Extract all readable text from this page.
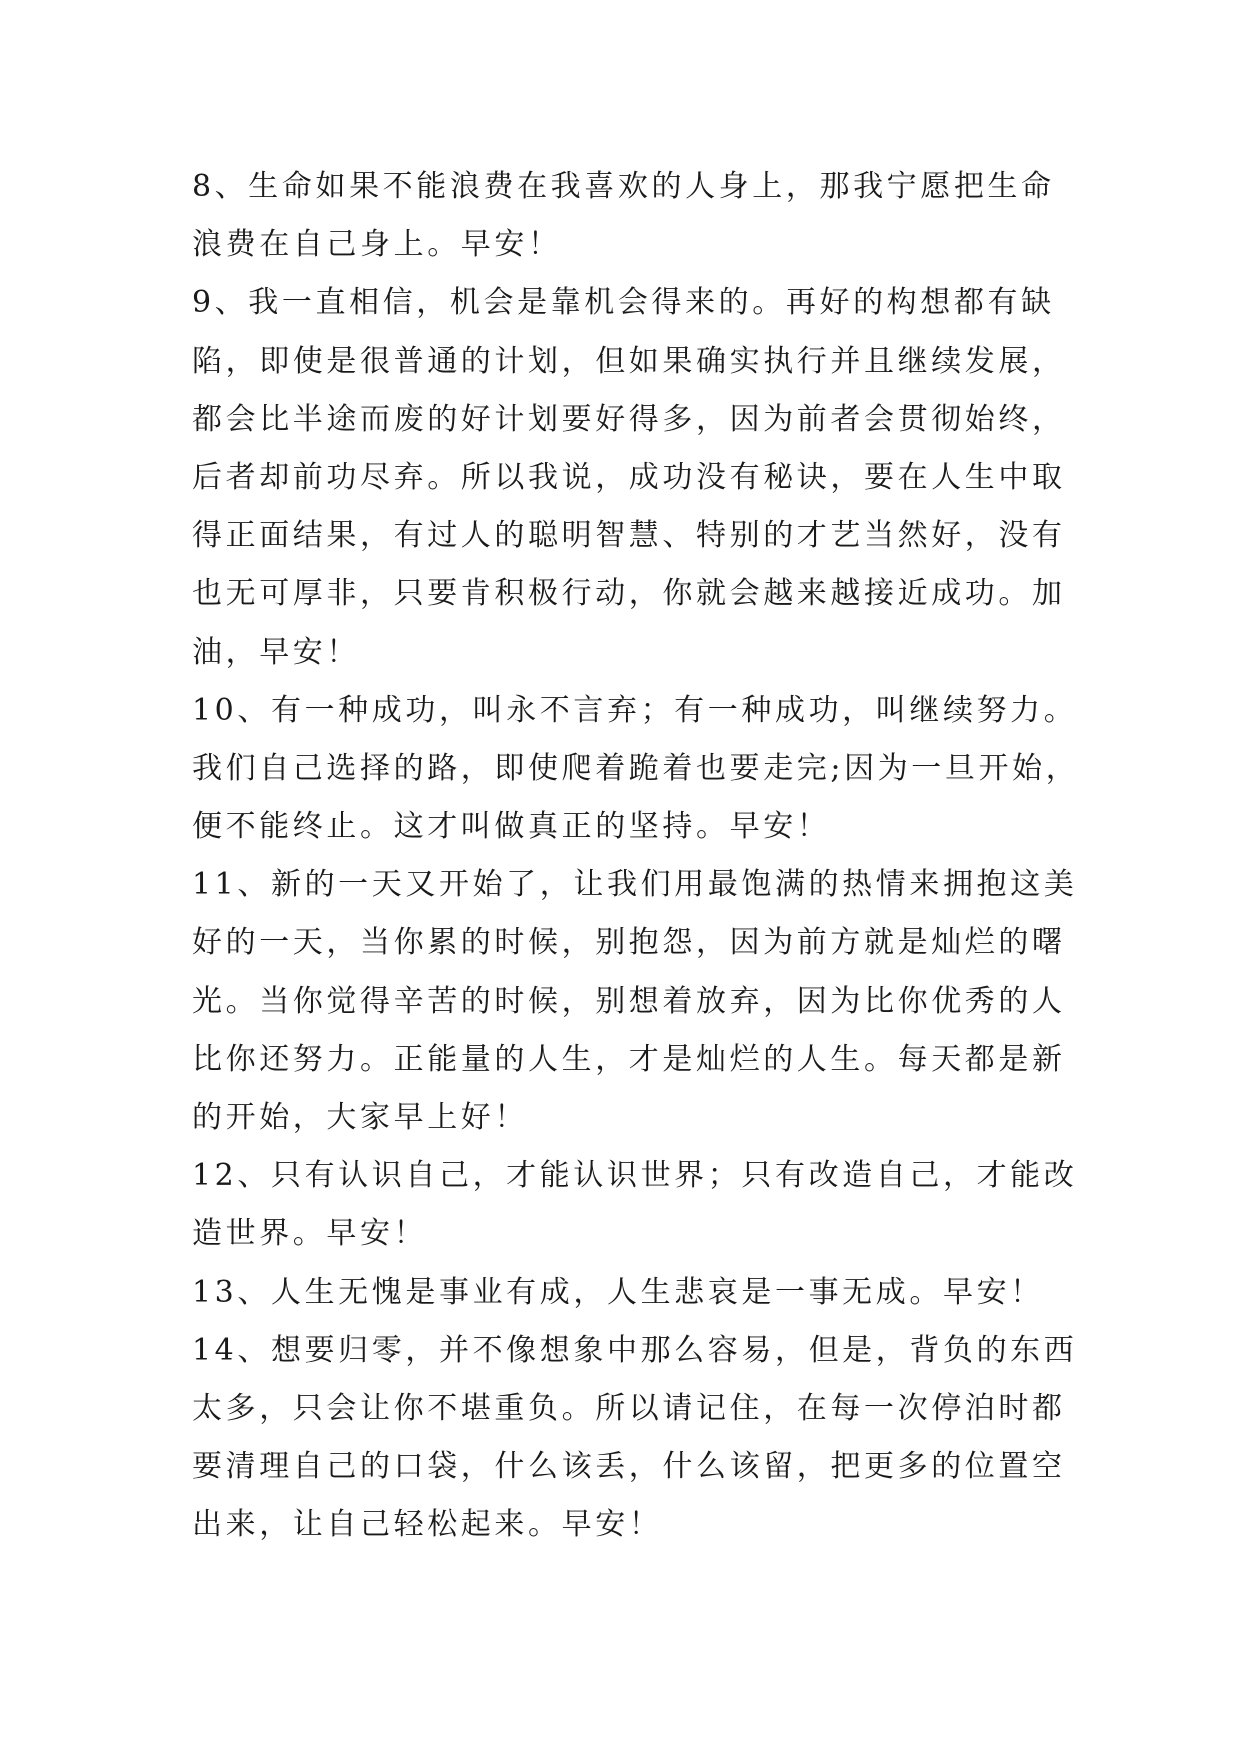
8、生命如果不能浪费在我喜欢的人身上，那我宁愿把生命
浪费在自己身上。早安！
9、我一直相信，机会是靠机会得来的。再好的构想都有缺
陷，即使是很普通的计划，但如果确实执行并且继续发展，
都会比半途而废的好计划要好得多，因为前者会贯彻始终，
后者却前功尽弃。所以我说，成功没有秘诀，要在人生中取
得正面结果，有过人的聪明智慧、特别的才艺当然好，没有
也无可厚非，只要肯积极行动，你就会越来越接近成功。加
油，早安！
10、有一种成功，叫永不言弃；有一种成功，叫继续努力。
我们自己选择的路，即使爬着跪着也要走完;因为一旦开始，
便不能终止。这才叫做真正的坚持。早安！
11、新的一天又开始了，让我们用最饱满的热情来拥抱这美
好的一天，当你累的时候，别抱怨，因为前方就是灿烂的曙
光。当你觉得辛苦的时候，别想着放弃，因为比你优秀的人
比你还努力。正能量的人生，才是灿烂的人生。每天都是新
的开始，大家早上好！
12、只有认识自己，才能认识世界；只有改造自己，才能改
造世界。早安！
13、人生无愧是事业有成，人生悲哀是一事无成。早安！
14、想要归零，并不像想象中那么容易，但是，背负的东西
太多，只会让你不堪重负。所以请记住，在每一次停泊时都
要清理自己的口袋，什么该丢，什么该留，把更多的位置空
出来，让自己轻松起来。早安！
